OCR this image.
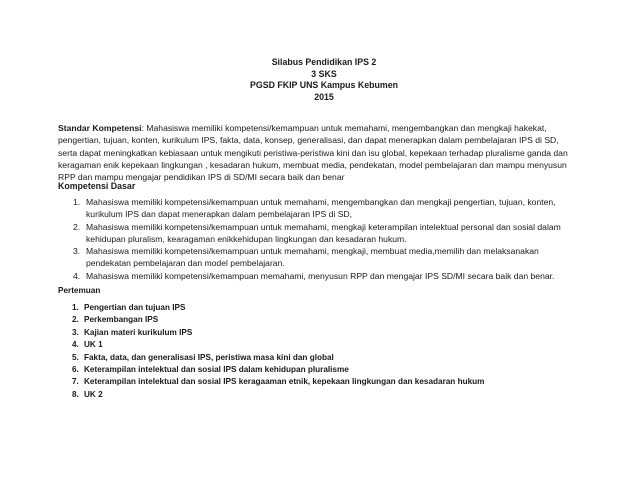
Silabus Pendidikan IPS 2
3 SKS
PGSD FKIP UNS Kampus Kebumen
2015
Standar Kompetensi: Mahasiswa memiliki kompetensi/kemampuan untuk memahami, mengembangkan dan mengkaji hakekat, pengertian, tujuan, konten, kurikulum IPS, fakta, data, konsep, generalisasi, dan dapat menerapkan dalam pembelajaran IPS di SD, serta dapat meningkatkan kebiasaan untuk mengikuti peristiwa-peristiwa kini dan isu global, kepekaan terhadap pluralisme ganda dan keragaman enik kepekaan lingkungan , kesadaran hukum, membuat media, pendekatan, model pembelajaran dan mampu menyusun RPP dan mampu mengajar pendidikan IPS di SD/MI secara baik dan benar
Kompetensi Dasar
1. Mahasiswa memiliki kompetensi/kemampuan untuk memahami, mengembangkan dan mengkaji pengertian, tujuan, konten, kurikulum IPS dan dapat menerapkan dalam pembelajaran IPS di SD,
2. Mahasiswa memiliki kompetensi/kemampuan untuk memahami, mengkaji keterampilan intelektual personal dan sosial dalam kehidupan pluralism, kearagaman enikkehidupan lingkungan dan kesadaran hukum.
3. Mahasiswa memiliki kompetensi/kemampuan untuk memahami, mengkaji, membuat media,memilih dan melaksanakan pendekatan pembelajaran dan model pembelajaran.
4. Mahasiswa memiliki kompetensi/kemampuan memahami, menyusun RPP dan mengajar IPS SD/MI secara baik dan benar.
Pertemuan
1. Pengertian dan tujuan IPS
2. Perkembangan IPS
3. Kajian materi kurikulum IPS
4. UK 1
5. Fakta, data, dan generalisasi IPS, peristiwa masa kini dan global
6. Keterampilan intelektual dan sosial IPS dalam kehidupan pluralisme
7. Keterampilan intelektual dan sosial IPS keragaaman etnik, kepekaan lingkungan dan kesadaran hukum
8. UK 2
